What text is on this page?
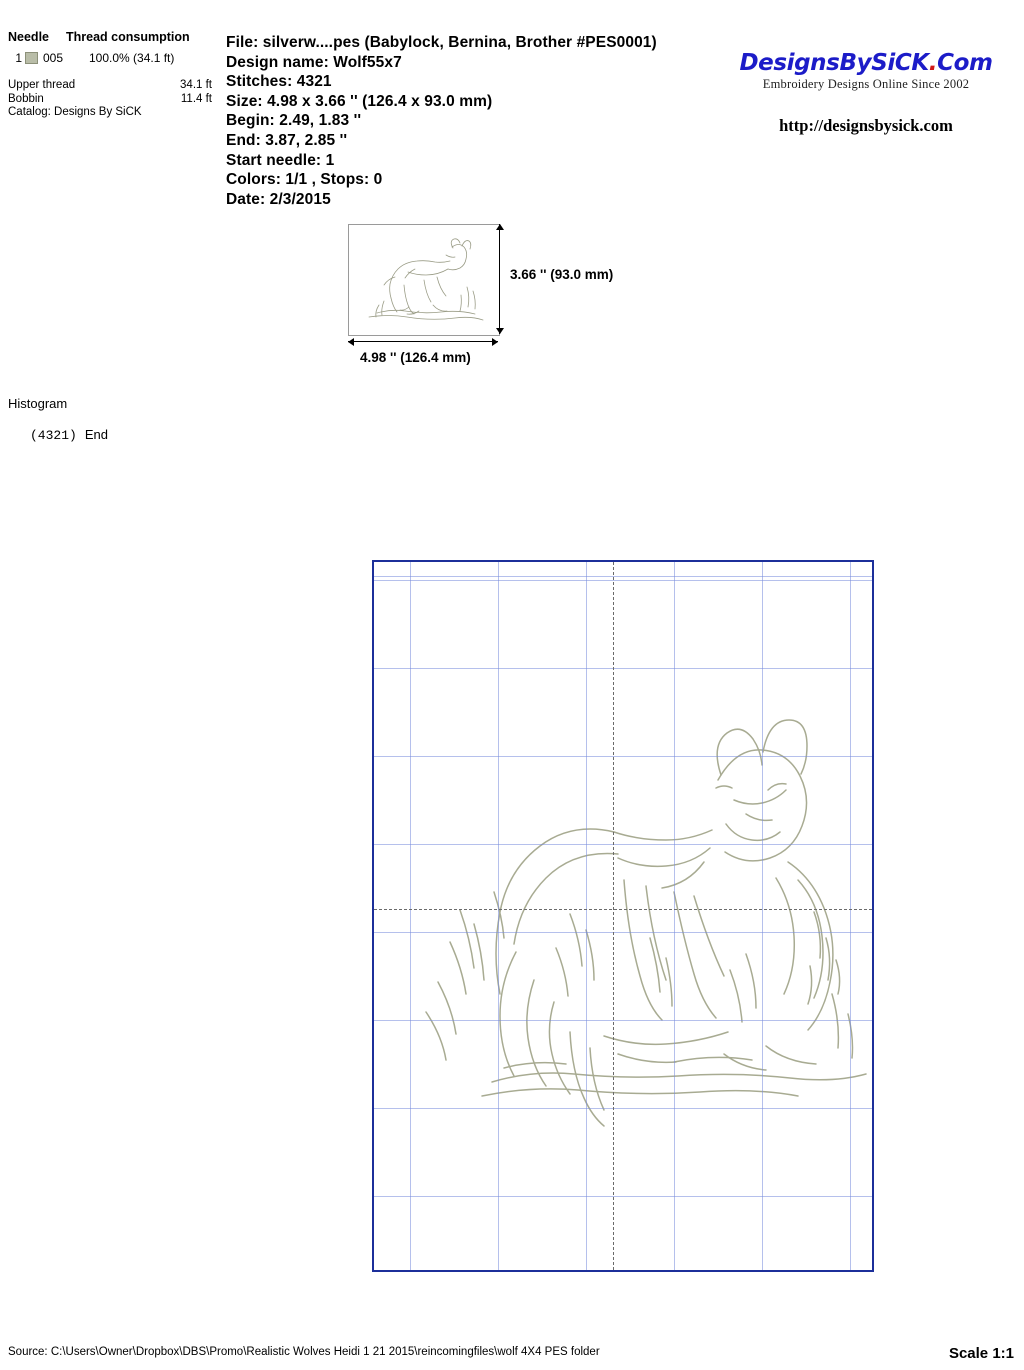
Needle	Thread consumption
1 005	100.0% (34.1 ft)
Upper thread	34.1 ft
Bobbin	11.4 ft
Catalog: Designs By SiCK
File: silverw....pes (Babylock, Bernina, Brother #PES0001)
Design name: Wolf55x7
Stitches: 4321
Size: 4.98 x 3.66 '' (126.4 x 93.0 mm)
Begin: 2.49, 1.83 ''
End: 3.87, 2.85 ''
Start needle: 1
Colors: 1/1 , Stops: 0
Date: 2/3/2015
DesignsBySiCK.Com
Embroidery Designs Online Since 2002
http://designsbysick.com
3.66 '' (93.0 mm)
4.98 '' (126.4 mm)
Histogram
(4321) End
Source: C:\Users\Owner\Dropbox\DBS\Promo\Realistic Wolves Heidi 1 21 2015\reincomingfiles\wolf 4X4 PES folder	Scale 1:1
